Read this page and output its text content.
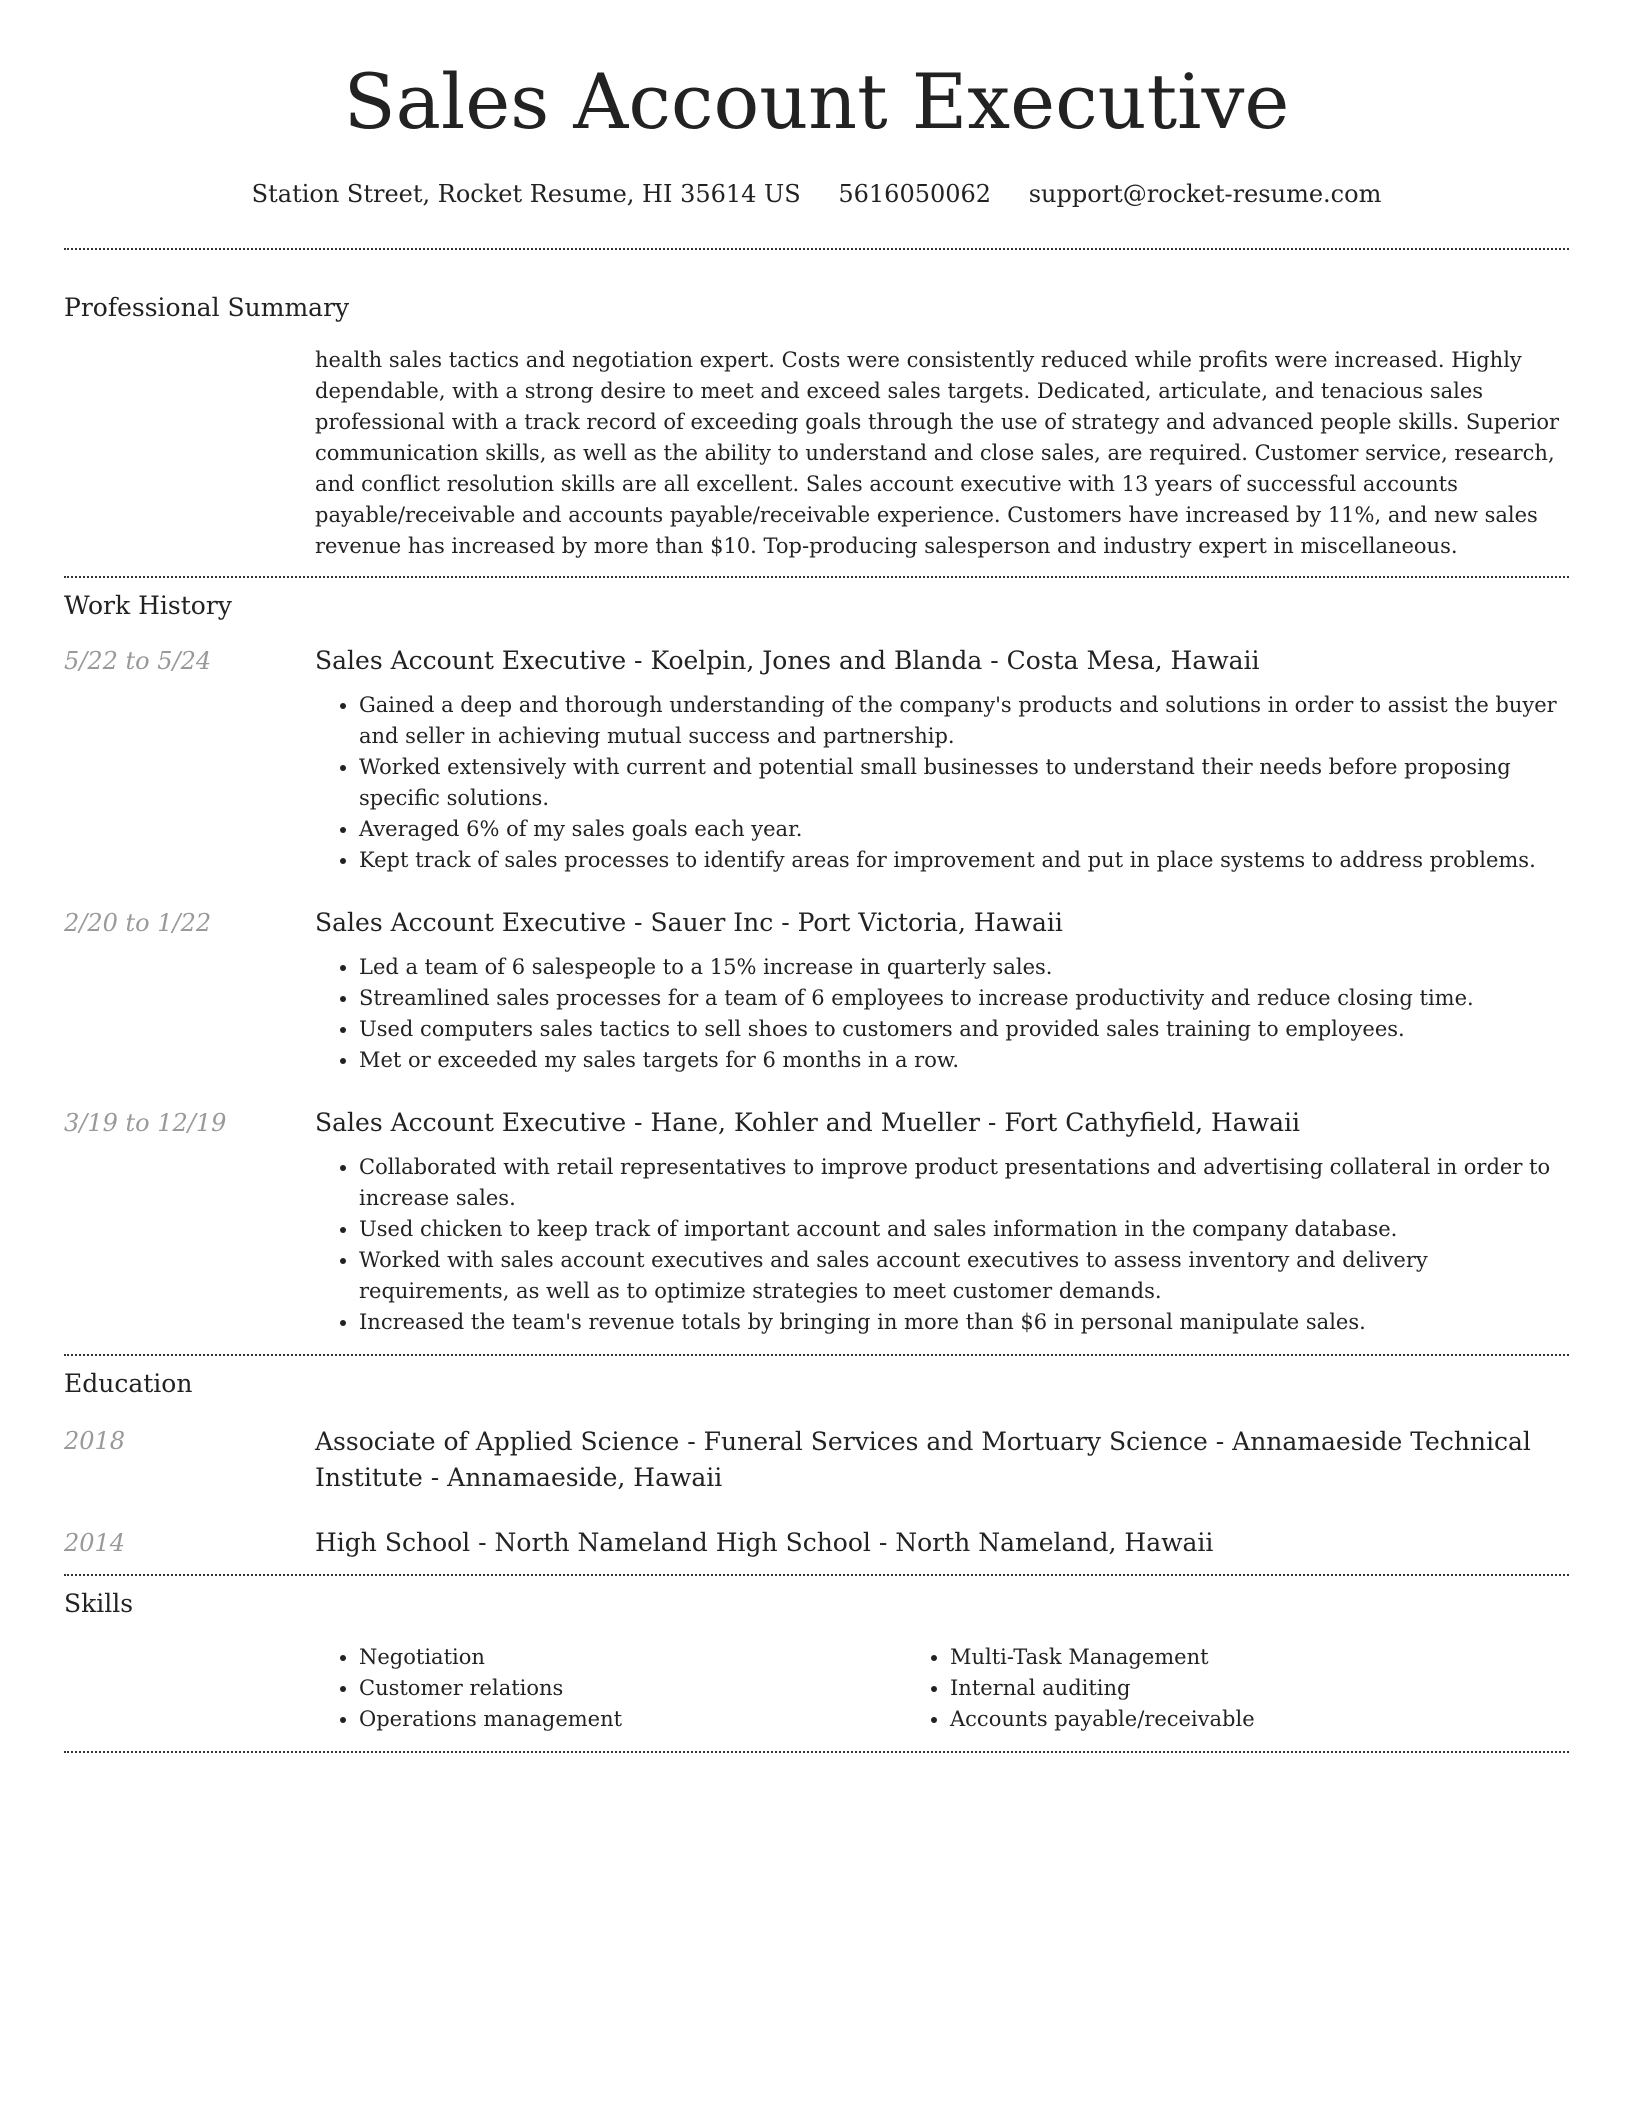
Sales Account Executive
Station Street, Rocket Resume, HI 35614 US 5616050062 support@rocket-resume.com
Professional Summary

health sales tactics and negotiation expert. Costs were consistently reduced while profits were increased. Highly dependable, with a strong desire to meet and exceed sales targets. Dedicated, articulate, and tenacious sales professional with a track record of exceeding goals through the use of strategy and advanced people skills. Superior communication skills, as well as the ability to understand and close sales, are required. Customer service, research, and conflict resolution skills are all excellent. Sales account executive with 13 years of successful accounts payable/receivable and accounts payable/receivable experience. Customers have increased by 11%, and new sales revenue has increased by more than $10. Top-producing salesperson and industry expert in miscellaneous.

Work History
5/22 to 5/24	Sales Account Executive - Koelpin, Jones and Blanda - Costa Mesa, Hawaii

• Gained a deep and thorough understanding of the company's products and solutions in order to assist the buyer and seller in achieving mutual success and partnership.
• Worked extensively with current and potential small businesses to understand their needs before proposing specific solutions.
• Averaged 6% of my sales goals each year.
• Kept track of sales processes to identify areas for improvement and put in place systems to address problems.
2/20 to 1/22	Sales Account Executive - Sauer Inc - Port Victoria, Hawaii

• Led a team of 6 salespeople to a 15% increase in quarterly sales.
• Streamlined sales processes for a team of 6 employees to increase productivity and reduce closing time.
• Used computers sales tactics to sell shoes to customers and provided sales training to employees.
• Met or exceeded my sales targets for 6 months in a row.
3/19 to 12/19	Sales Account Executive - Hane, Kohler and Mueller - Fort Cathyfield, Hawaii

• Collaborated with retail representatives to improve product presentations and advertising collateral in order to increase sales.
• Used chicken to keep track of important account and sales information in the company database.
• Worked with sales account executives and sales account executives to assess inventory and delivery requirements, as well as to optimize strategies to meet customer demands.
• Increased the team's revenue totals by bringing in more than $6 in personal manipulate sales.
Education
2018	Associate of Applied Science - Funeral Services and Mortuary Science - Annamaeside Technical Institute - Annamaeside, Hawaii

2014	High School - North Nameland High School - North Nameland, Hawaii

Skills
• Negotiation
• Customer relations
• Operations management
• Multi-Task Management
• Internal auditing
• Accounts payable/receivable
